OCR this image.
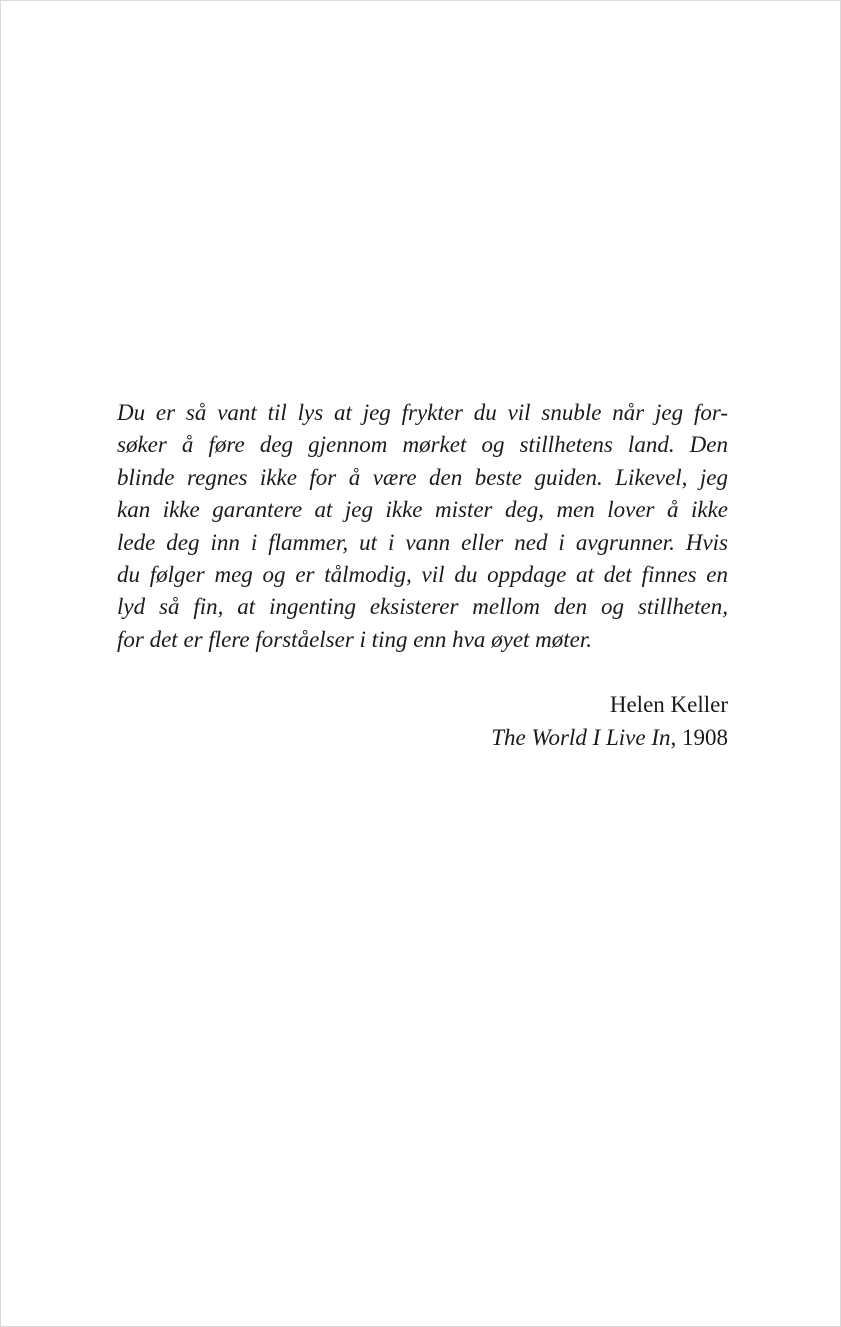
Du er så vant til lys at jeg frykter du vil snuble når jeg for-
søker å føre deg gjennom mørket og stillhetens land. Den
blinde regnes ikke for å være den beste guiden. Likevel, jeg
kan ikke garantere at jeg ikke mister deg, men lover å ikke
lede deg inn i flammer, ut i vann eller ned i avgrunner. Hvis
du følger meg og er tålmodig, vil du oppdage at det finnes en
lyd så fin, at ingenting eksisterer mellom den og stillheten,
for det er flere forståelser i ting enn hva øyet møter.

Helen Keller
The World I Live In, 1908
